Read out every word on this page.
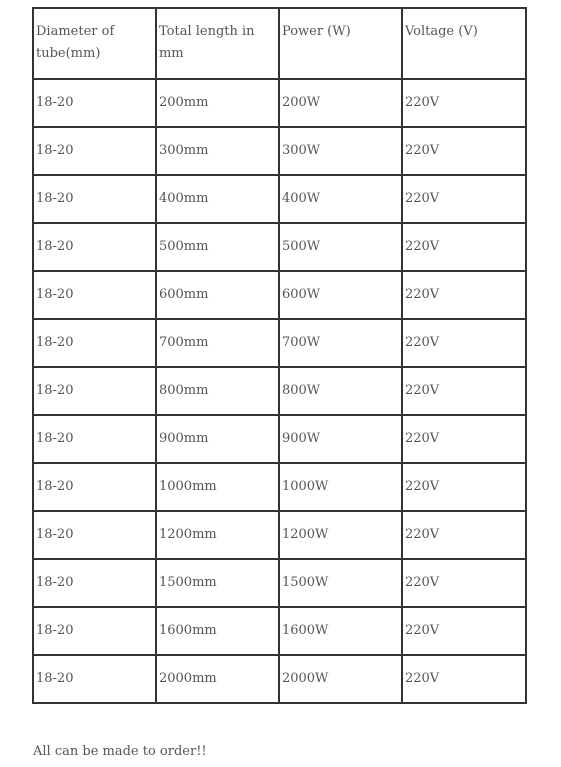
Diameter of tube(mm)	Total length in mm	Power (W)	Voltage (V)
18-20	200mm	200W	220V
18-20	300mm	300W	220V
18-20	400mm	400W	220V
18-20	500mm	500W	220V
18-20	600mm	600W	220V
18-20	700mm	700W	220V
18-20	800mm	800W	220V
18-20	900mm	900W	220V
18-20	1000mm	1000W	220V
18-20	1200mm	1200W	220V
18-20	1500mm	1500W	220V
18-20	1600mm	1600W	220V
18-20	2000mm	2000W	220V
All can be made to order!!
